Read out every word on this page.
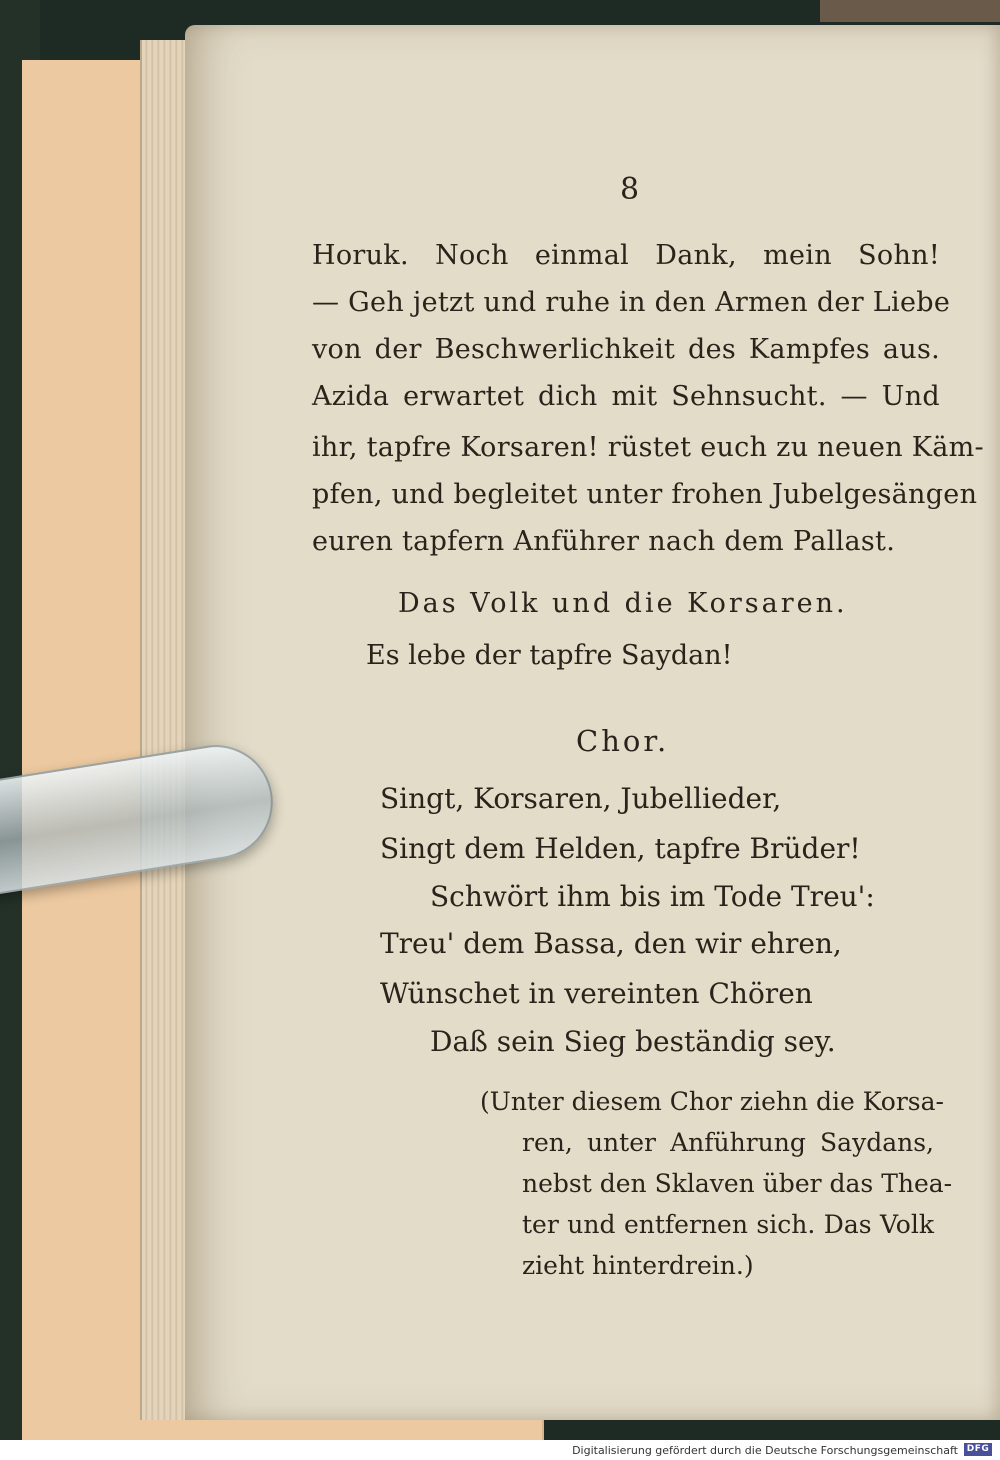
8
Horuk. Noch einmal Dank, mein Sohn!
— Geh jetzt und ruhe in den Armen der Liebe
von der Beschwerlichkeit des Kampfes aus.
Azida erwartet dich mit Sehnsucht. — Und
ihr, tapfre Korsaren! rüstet euch zu neuen Käm-
pfen, und begleitet unter frohen Jubelgesängen
euren tapfern Anführer nach dem Pallast.
Das Volk und die Korsaren.
Es lebe der tapfre Saydan!
Chor.
Singt, Korsaren, Jubellieder,
Singt dem Helden, tapfre Brüder!
Schwört ihm bis im Tode Treu':
Treu' dem Bassa, den wir ehren,
Wünschet in vereinten Chören
Daß sein Sieg beständig sey.
(Unter diesem Chor ziehn die Korsa-
ren, unter Anführung Saydans,
nebst den Sklaven über das Thea-
ter und entfernen sich. Das Volk
zieht hinterdrein.)
Digitalisierung gefördert durch die Deutsche Forschungsgemeinschaft DFG
